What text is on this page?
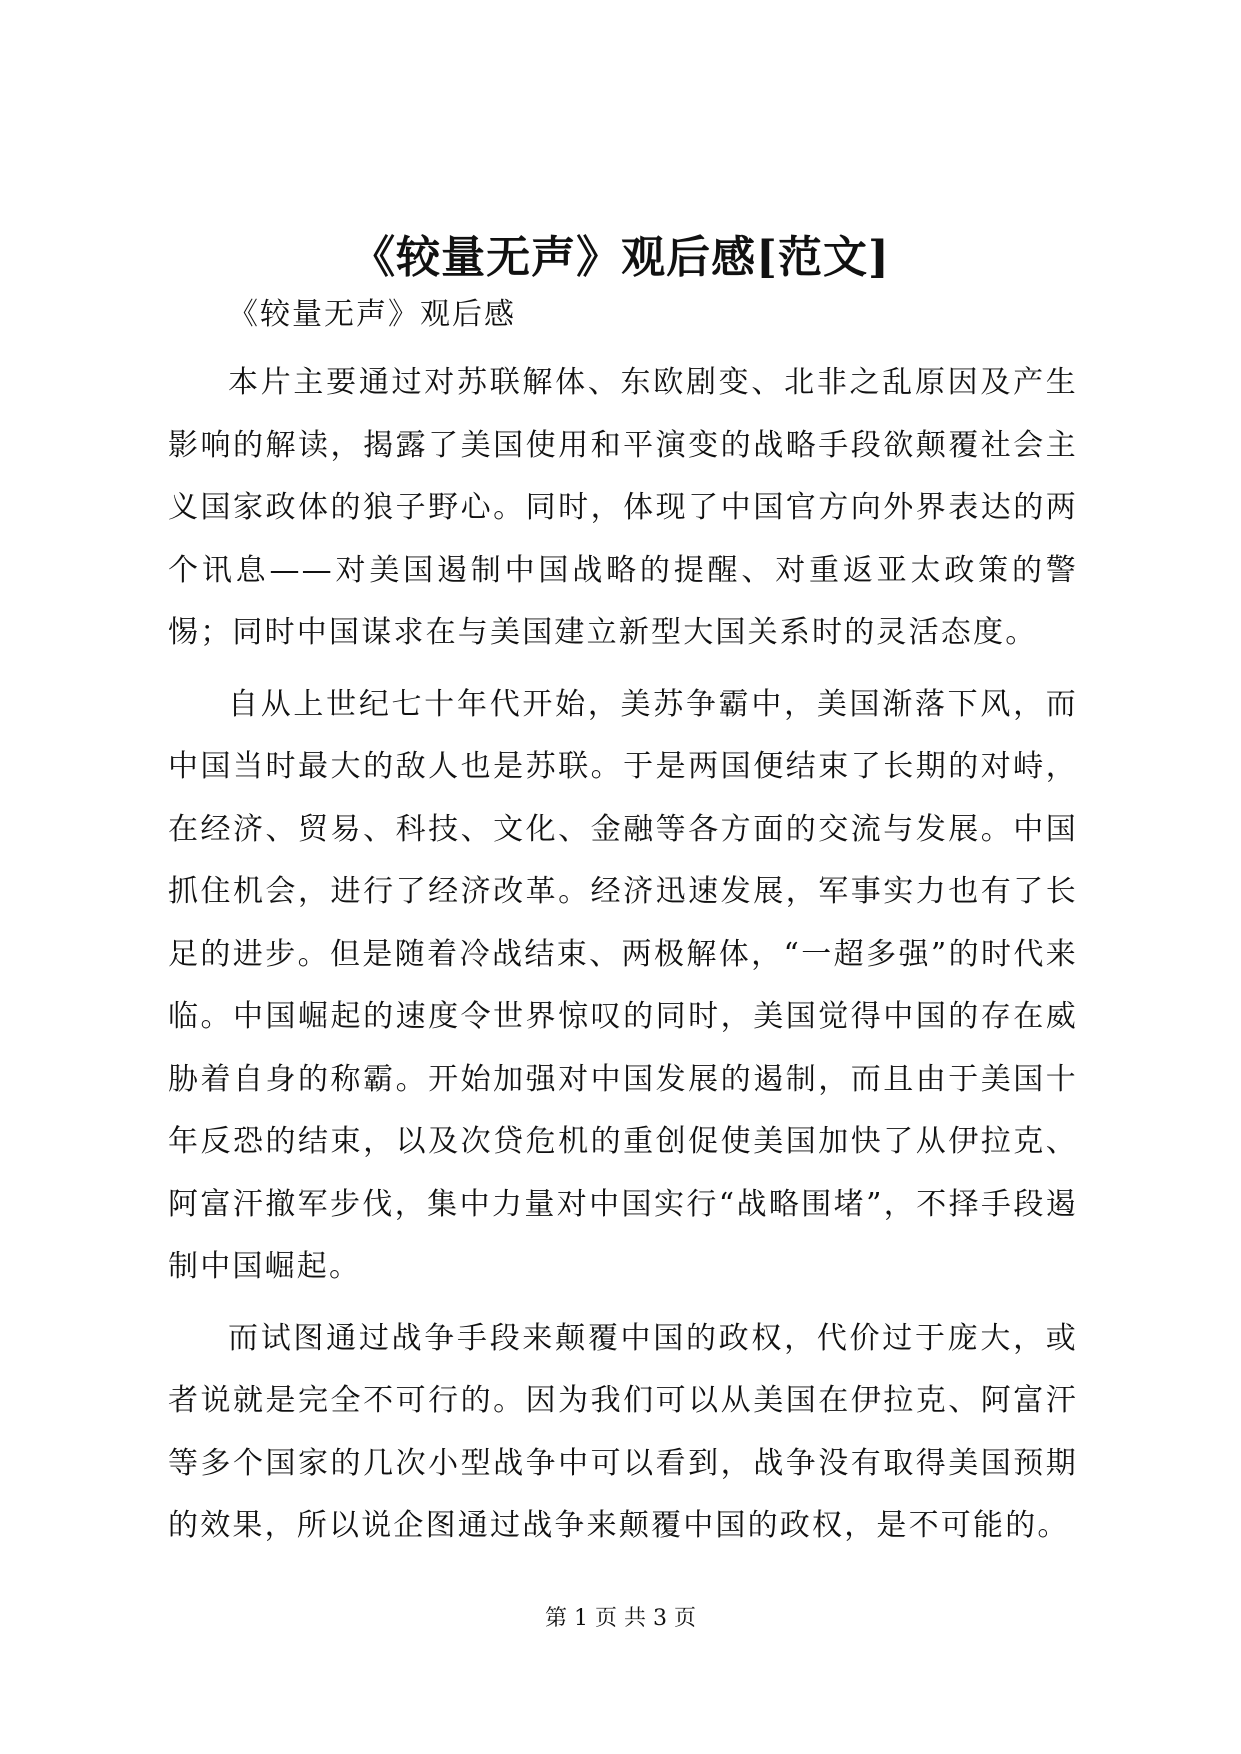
《较量无声》观后感[范文]

《较量无声》观后感

本片主要通过对苏联解体、东欧剧变、北非之乱原因及产生影响的解读，揭露了美国使用和平演变的战略手段欲颠覆社会主义国家政体的狼子野心。同时，体现了中国官方向外界表达的两个讯息——对美国遏制中国战略的提醒、对重返亚太政策的警惕；同时中国谋求在与美国建立新型大国关系时的灵活态度。

自从上世纪七十年代开始，美苏争霸中，美国渐落下风，而中国当时最大的敌人也是苏联。于是两国便结束了长期的对峙，在经济、贸易、科技、文化、金融等各方面的交流与发展。中国抓住机会，进行了经济改革。经济迅速发展，军事实力也有了长足的进步。但是随着冷战结束、两极解体，“一超多强”的时代来临。中国崛起的速度令世界惊叹的同时，美国觉得中国的存在威胁着自身的称霸。开始加强对中国发展的遏制，而且由于美国十年反恐的结束，以及次贷危机的重创促使美国加快了从伊拉克、阿富汗撤军步伐，集中力量对中国实行“战略围堵”，不择手段遏制中国崛起。

而试图通过战争手段来颠覆中国的政权，代价过于庞大，或者说就是完全不可行的。因为我们可以从美国在伊拉克、阿富汗等多个国家的几次小型战争中可以看到，战争没有取得美国预期的效果，所以说企图通过战争来颠覆中国的政权，是不可能的。

第 1 页 共 3 页
